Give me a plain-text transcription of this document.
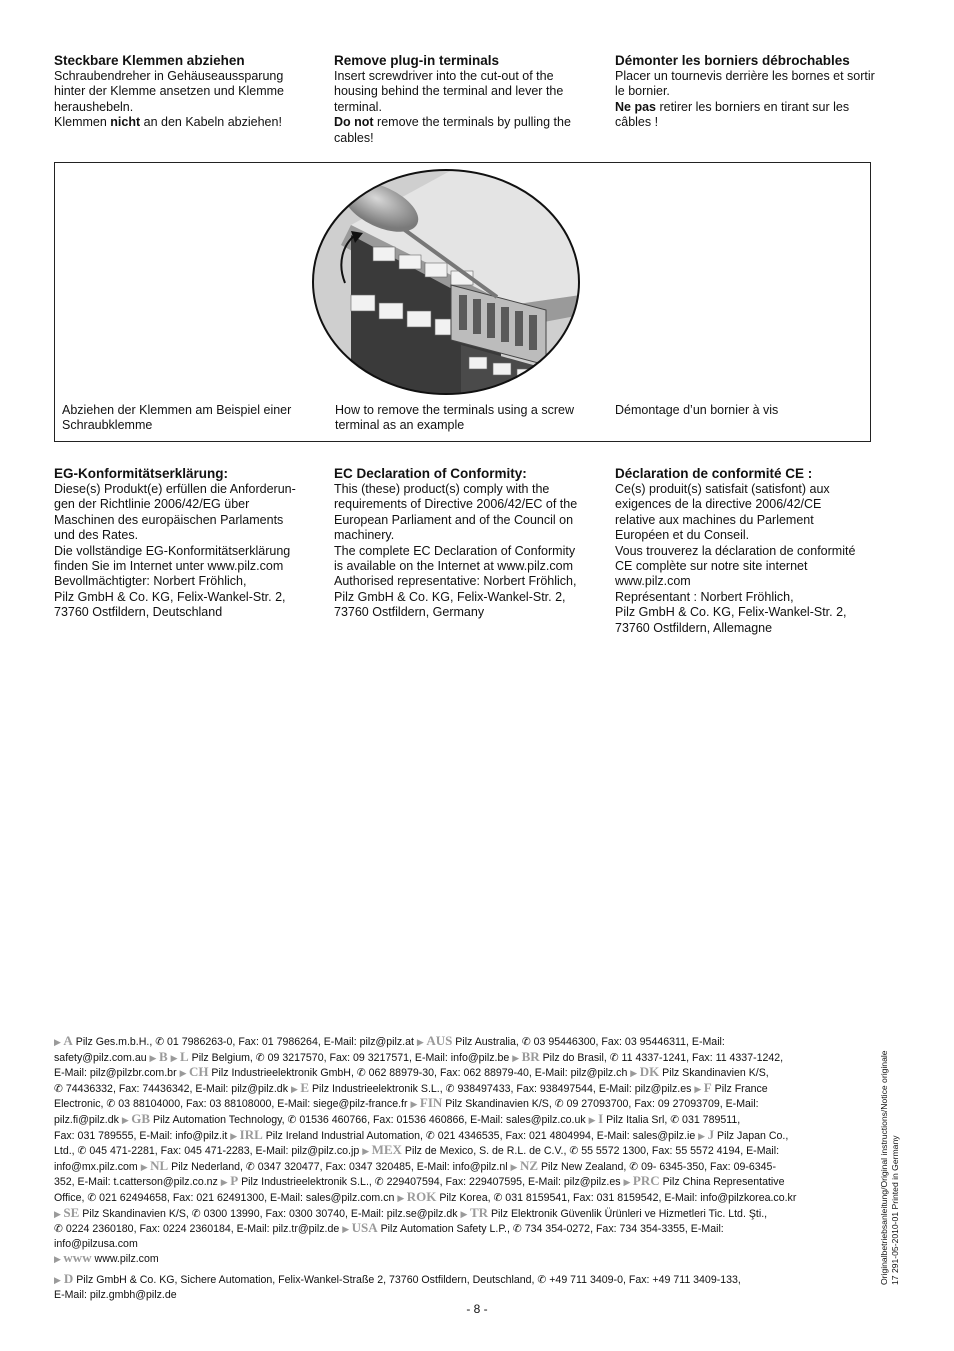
Steckbare Klemmen abziehen

Schraubendreher in Gehäuseaussparung hinter der Klemme ansetzen und Klemme heraushebeln.

Klemmen nicht an den Kabeln abziehen!

Remove plug-in terminals

Insert screwdriver into the cut-out of the housing behind the terminal and lever the terminal.

Do not remove the terminals by pulling the cables!

Démonter les borniers débrochables

Placer un tournevis derrière les bornes et sortir le bornier.

Ne pas retirer les borniers en tirant sur les câbles !

Abziehen der Klemmen am Beispiel einer Schraubklemme
How to remove the terminals using a screw terminal as an example
Démontage d’un bornier à vis
EG-Konformitätserklärung:
Diese(s) Produkt(e) erfüllen die Anforderun-
gen der Richtlinie 2006/42/EG über
Maschinen des europäischen Parlaments
und des Rates.
Die vollständige EG-Konformitätserklärung
finden Sie im Internet unter www.pilz.com
Bevollmächtigter: Norbert Fröhlich,
Pilz GmbH & Co. KG, Felix-Wankel-Str. 2,
73760 Ostfildern, Deutschland
EC Declaration of Conformity:
This (these) product(s) comply with the
requirements of Directive 2006/42/EC of the
European Parliament and of the Council on
machinery.
The complete EC Declaration of Conformity
is available on the Internet at www.pilz.com
Authorised representative: Norbert Fröhlich,
Pilz GmbH & Co. KG, Felix-Wankel-Str. 2,
73760 Ostfildern, Germany
Déclaration de conformité CE :
Ce(s) produit(s) satisfait (satisfont) aux
exigences de la directive 2006/42/CE
relative aux machines du Parlement
Européen et du Conseil.
Vous trouverez la déclaration de conformité
CE complète sur notre site internet
www.pilz.com
Représentant : Norbert Fröhlich,
Pilz GmbH & Co. KG, Felix-Wankel-Str. 2,
73760 Ostfildern, Allemagne
▶ A Pilz Ges.m.b.H., ✆ 01 7986263-0, Fax: 01 7986264, E-Mail: pilz@pilz.at ▶ AUS Pilz Australia, ✆ 03 95446300, Fax: 03 95446311, E-Mail:
safety@pilz.com.au ▶ B ▶ L Pilz Belgium, ✆ 09 3217570, Fax: 09 3217571, E-Mail: info@pilz.be ▶ BR Pilz do Brasil, ✆ 11 4337-1241, Fax: 11 4337-1242,
E-Mail: pilz@pilzbr.com.br ▶ CH Pilz Industrieelektronik GmbH, ✆ 062 88979-30, Fax: 062 88979-40, E-Mail: pilz@pilz.ch ▶ DK Pilz Skandinavien K/S,
✆ 74436332, Fax: 74436342, E-Mail: pilz@pilz.dk ▶ E Pilz Industrieelektronik S.L., ✆ 938497433, Fax: 938497544, E-Mail: pilz@pilz.es ▶ F Pilz France
Electronic, ✆ 03 88104000, Fax: 03 88108000, E-Mail: siege@pilz-france.fr ▶ FIN Pilz Skandinavien K/S, ✆ 09 27093700, Fax: 09 27093709, E-Mail:
pilz.fi@pilz.dk ▶ GB Pilz Automation Technology, ✆ 01536 460766, Fax: 01536 460866, E-Mail: sales@pilz.co.uk ▶ I Pilz Italia Srl, ✆ 031 789511,
Fax: 031 789555, E-Mail: info@pilz.it ▶ IRL Pilz Ireland Industrial Automation, ✆ 021 4346535, Fax: 021 4804994, E-Mail: sales@pilz.ie ▶ J Pilz Japan Co.,
Ltd., ✆ 045 471-2281, Fax: 045 471-2283, E-Mail: pilz@pilz.co.jp ▶ MEX Pilz de Mexico, S. de R.L. de C.V., ✆ 55 5572 1300, Fax: 55 5572 4194, E-Mail:
info@mx.pilz.com ▶ NL Pilz Nederland, ✆ 0347 320477, Fax: 0347 320485, E-Mail: info@pilz.nl ▶ NZ Pilz New Zealand, ✆ 09- 6345-350, Fax: 09-6345-
352, E-Mail: t.catterson@pilz.co.nz ▶ P Pilz Industrieelektronik S.L., ✆ 229407594, Fax: 229407595, E-Mail: pilz@pilz.es ▶ PRC Pilz China Representative
Office, ✆ 021 62494658, Fax: 021 62491300, E-Mail: sales@pilz.com.cn ▶ ROK Pilz Korea, ✆ 031 8159541, Fax: 031 8159542, E-Mail: info@pilzkorea.co.kr
▶ SE Pilz Skandinavien K/S, ✆ 0300 13990, Fax: 0300 30740, E-Mail: pilz.se@pilz.dk ▶ TR Pilz Elektronik Güvenlik Ürünleri ve Hizmetleri Tic. Ltd. Şti.,
✆ 0224 2360180, Fax: 0224 2360184, E-Mail: pilz.tr@pilz.de ▶ USA Pilz Automation Safety L.P., ✆ 734 354-0272, Fax: 734 354-3355, E-Mail:
info@pilzusa.com
▶ www www.pilz.com
▶ D Pilz GmbH & Co. KG, Sichere Automation, Felix-Wankel-Straße 2, 73760 Ostfildern, Deutschland, ✆ +49 711 3409-0, Fax: +49 711 3409-133,
E-Mail: pilz.gmbh@pilz.de
Originalbetriebsanleitung/Original instructions/Notice originale 17 291-05-2010-01 Printed in Germany
- 8 -
